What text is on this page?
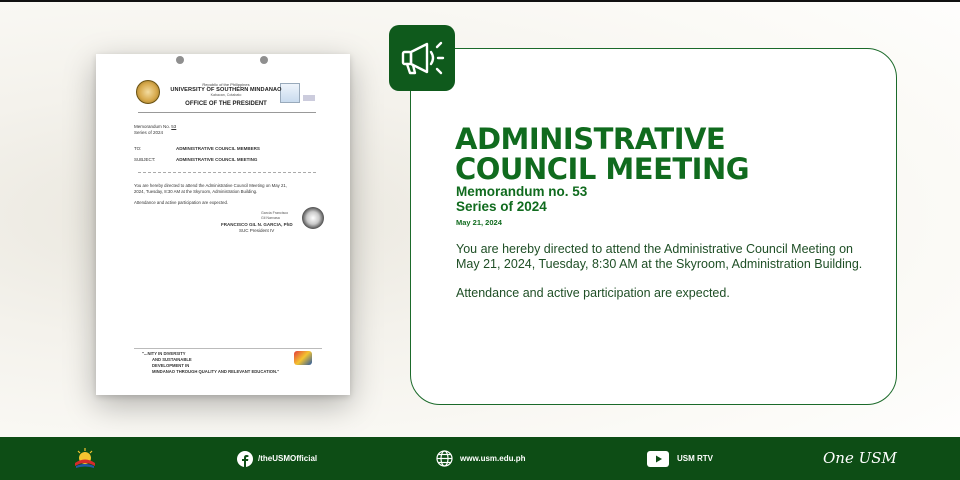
Republic of the Philippines
UNIVERSITY OF SOUTHERN MINDANAO
Kabacan, Cotabato
OFFICE OF THE PRESIDENT
Memorandum No. 53
Series of 2024
TO:	ADMINISTRATIVE COUNCIL MEMBERS
SUBJECT:	ADMINISTRATIVE COUNCIL MEETING
You are hereby directed to attend the Administrative Council Meeting on May 21,
2024, Tuesday, 8:30 AM at the Skyroom, Administration Building.
Attendance and active participation are expected.
Garcia Francisco
Gil Narvasa
FRANCISCO GIL N. GARCIA, PhD
SUC President IV
"...NITY IN DIVERSITY
AND SUSTAINABLE
DEVELOPMENT IN
MINDANAO THROUGH QUALITY AND RELEVANT EDUCATION."
ADMINISTRATIVE
COUNCIL MEETING
Memorandum no. 53
Series of 2024
May 21, 2024
You are hereby directed to attend the Administrative Council Meeting on May 21, 2024, Tuesday, 8:30 AM at the Skyroom, Administration Building.
Attendance and active participation are expected.
/theUSMOfficial	www.usm.edu.ph	USM RTV	One USM
